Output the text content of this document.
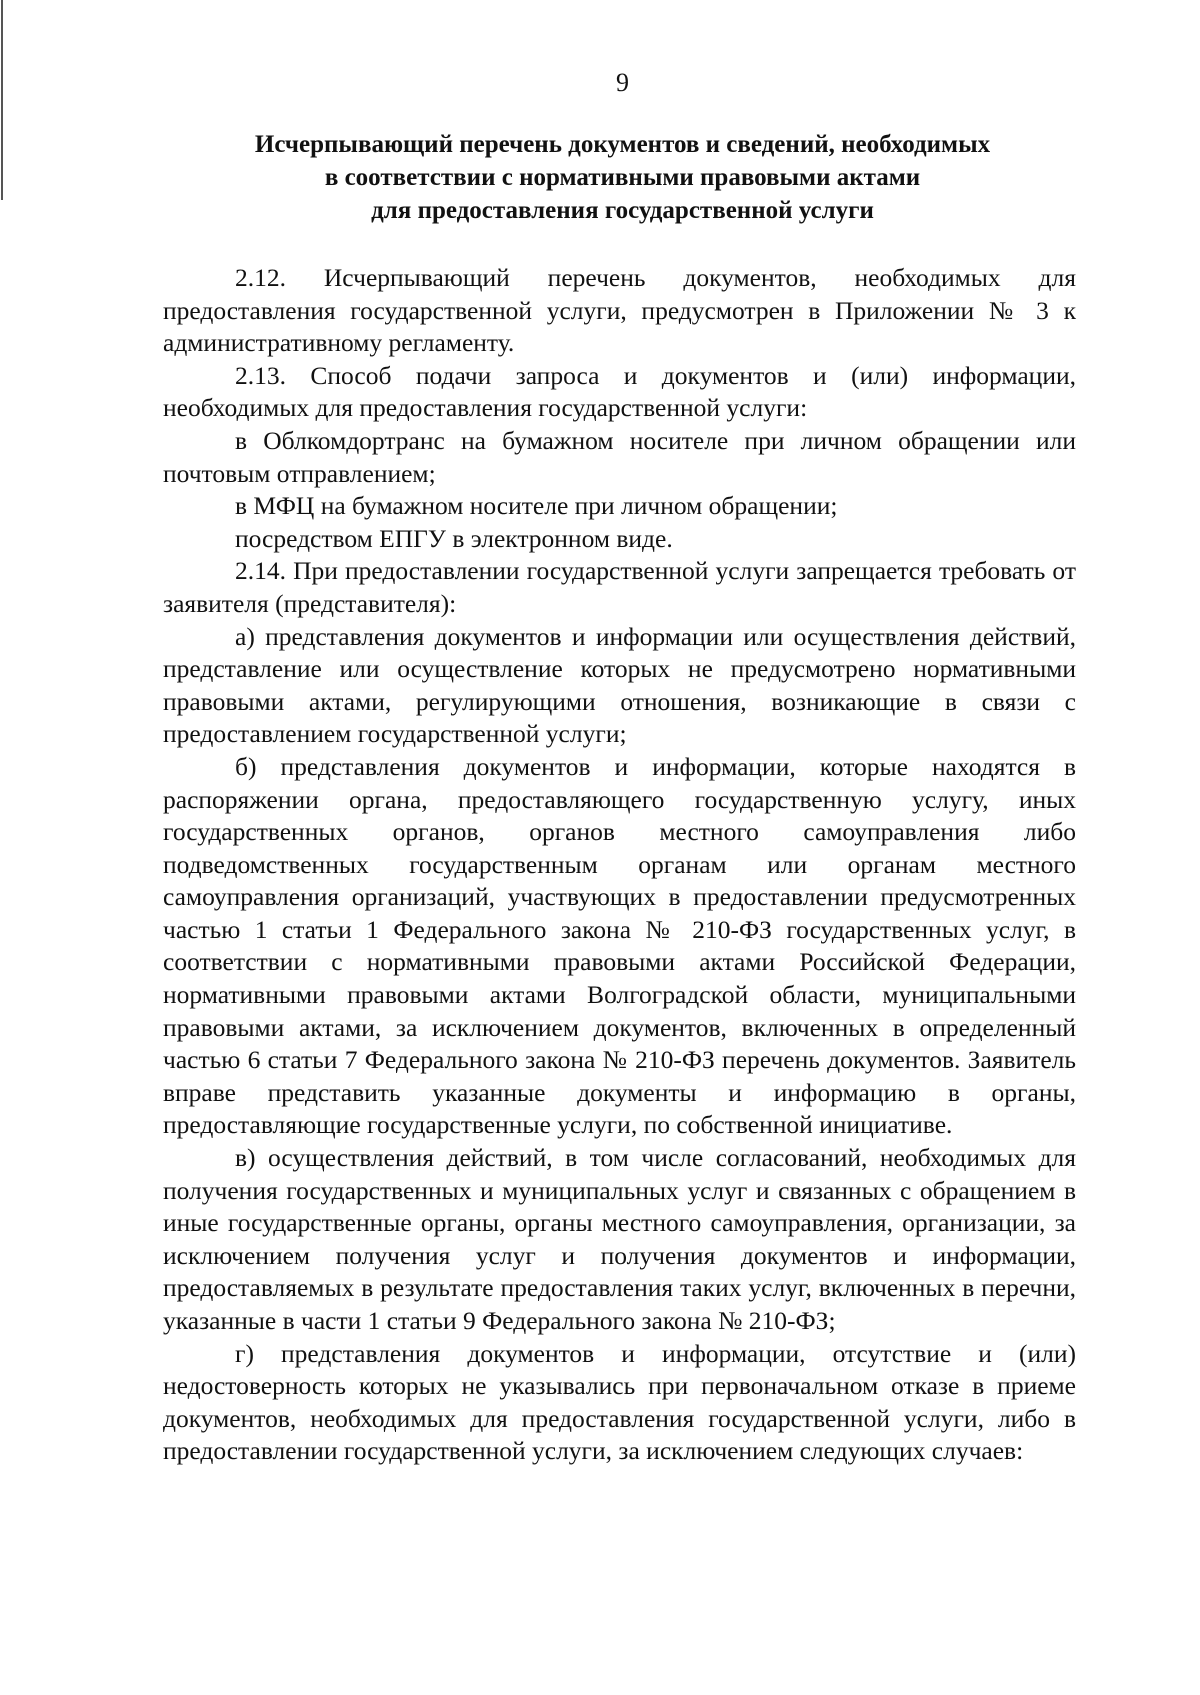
9
Исчерпывающий перечень документов и сведений, необходимых
в соответствии с нормативными правовыми актами
для предоставления государственной услуги

2.12. Исчерпывающий перечень документов, необходимых для предоставления государственной услуги, предусмотрен в Приложении № 3 к административному регламенту.

2.13. Способ подачи запроса и документов и (или) информации, необходимых для предоставления государственной услуги:

в Облкомдортранс на бумажном носителе при личном обращении или почтовым отправлением;

в МФЦ на бумажном носителе при личном обращении;

посредством ЕПГУ в электронном виде.

2.14. При предоставлении государственной услуги запрещается требовать от заявителя (представителя):

а) представления документов и информации или осуществления действий, представление или осуществление которых не предусмотрено нормативными правовыми актами, регулирующими отношения, возникающие в связи с предоставлением государственной услуги;

б) представления документов и информации, которые находятся в распоряжении органа, предоставляющего государственную услугу, иных государственных органов, органов местного самоуправления либо подведомственных государственным органам или органам местного самоуправления организаций, участвующих в предоставлении предусмотренных частью 1 статьи 1 Федерального закона № 210-ФЗ государственных услуг, в соответствии с нормативными правовыми актами Российской Федерации, нормативными правовыми актами Волгоградской области, муниципальными правовыми актами, за исключением документов, включенных в определенный частью 6 статьи 7 Федерального закона № 210-ФЗ перечень документов. Заявитель вправе представить указанные документы и информацию в органы, предоставляющие государственные услуги, по собственной инициативе.

в) осуществления действий, в том числе согласований, необходимых для получения государственных и муниципальных услуг и связанных с обращением в иные государственные органы, органы местного самоуправления, организации, за исключением получения услуг и получения документов и информации, предоставляемых в результате предоставления таких услуг, включенных в перечни, указанные в части 1 статьи 9 Федерального закона № 210-ФЗ;

г) представления документов и информации, отсутствие и (или) недостоверность которых не указывались при первоначальном отказе в приеме документов, необходимых для предоставления государственной услуги, либо в предоставлении государственной услуги, за исключением следующих случаев:
